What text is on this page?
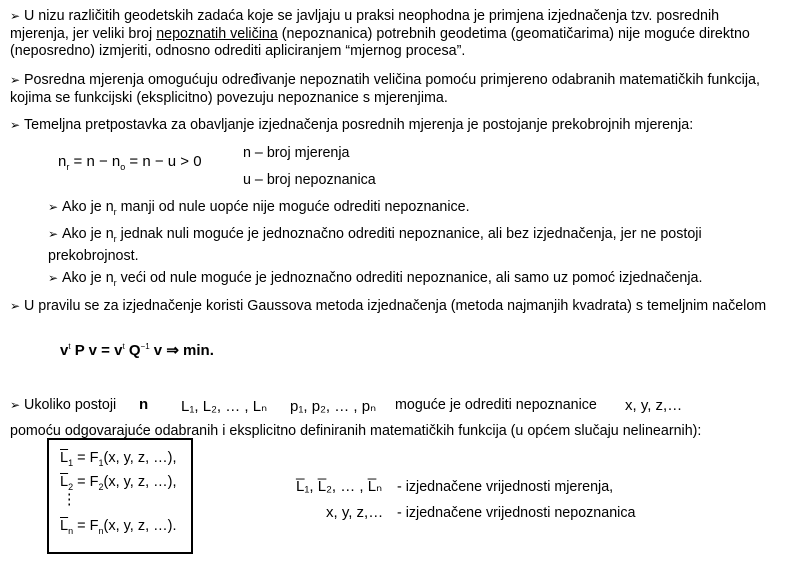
➢ U nizu različitih geodetskih zadaća koje se javljaju u praksi neophodna je primjena izjednačenja tzv. posrednih mjerenja, jer veliki broj nepoznatih veličina (nepoznanica) potrebnih geodetima (geomatičarima) nije moguće direktno (neposredno) izmjeriti, odnosno odrediti apliciranjem “mjernog procesa”.
➢ Posredna mjerenja omogućuju određivanje nepoznatih veličina pomoću primjereno odabranih matematičkih funkcija, kojima se funkcijski (eksplicitno) povezuju nepoznanice s mjerenjima.
➢ Temeljna pretpostavka za obavljanje izjednačenja posrednih mjerenja je postojanje prekobrojnih mjerenja:
$n_r = n - n_o = n - u > 0$	n – broj mjerenja
u – broj nepoznanica
➢ Ako je $n_r$ manji od nule uopće nije moguće odrediti nepoznanice.
➢ Ako je $n_r$ jednak nuli moguće je jednoznačno odrediti nepoznanice, ali bez izjednačenja, jer ne postoji prekobrojnost.
➢ Ako je $n_r$ veći od nule moguće je jednoznačno odrediti nepoznanice, ali samo uz pomoć izjednačenja.
➢ U pravilu se za izjednačenje koristi Gaussova metoda izjednačenja (metoda najmanjih kvadrata) s temeljnim načelom
$v^t$ P $v = v^t$ $Q^{-1}$ v ⇒ min.
➢ Ukoliko postoji n L₁, L₂, … , Lₙ p₁, p₂, … , pₙ moguće je odrediti nepoznanice x, y, z,…
pomoću odgovarajuće odabranih i eksplicitno definiranih matematičkih funkcija (u općem slučaju nelinearnih):
$\overline{L}_1 = F_1(x$, y, z, …),
$\overline{L}_2 = F_2(x$, y, z, …),
⋮
$\overline{L}_n = F_n(x$, y, z, …).
L̅₁, L̅₂, … , L̅ₙ - izjednačene vrijednosti mjerenja,
x, y, z,… - izjednačene vrijednosti nepoznanica
